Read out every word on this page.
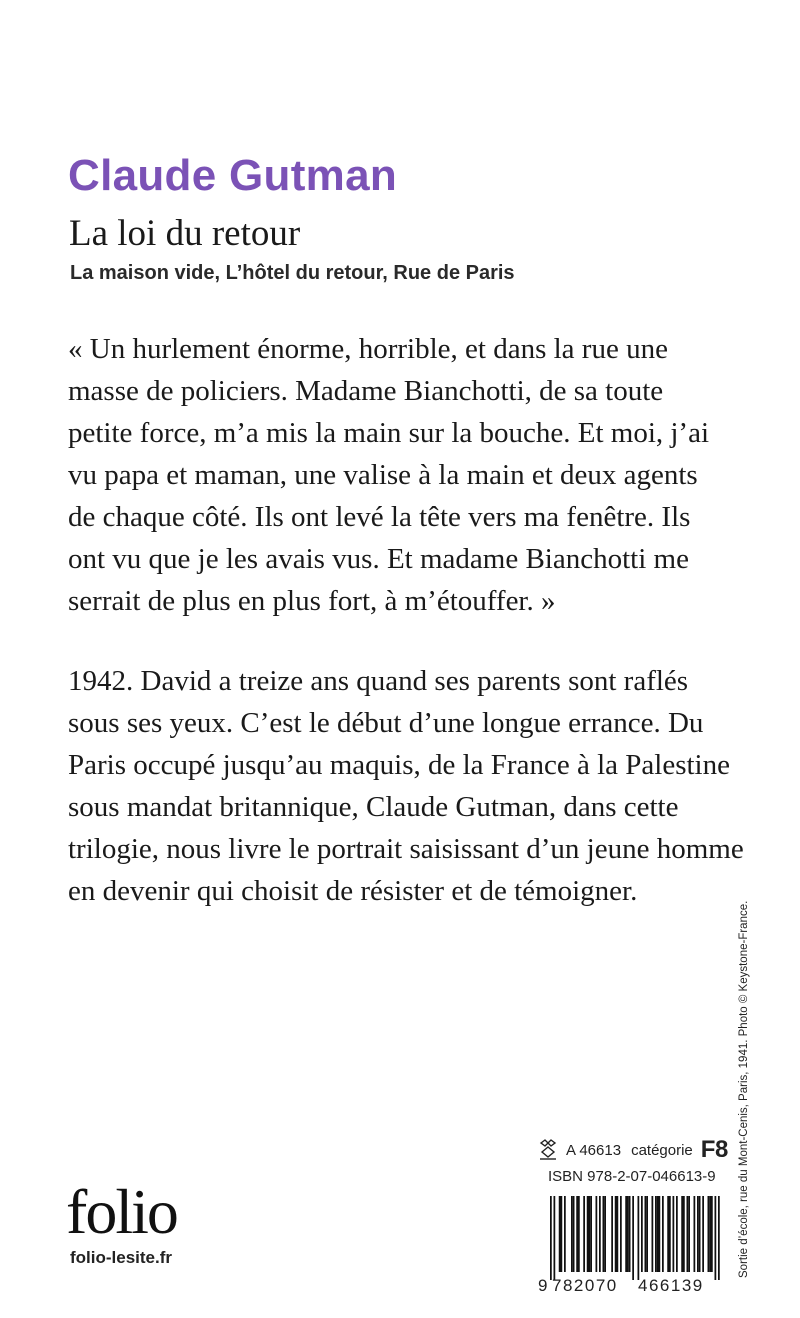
Claude Gutman
La loi du retour
La maison vide, L’hôtel du retour, Rue de Paris
« Un hurlement énorme, horrible, et dans la rue une
masse de policiers. Madame Bianchotti, de sa toute
petite force, m’a mis la main sur la bouche. Et moi, j’ai
vu papa et maman, une valise à la main et deux agents
de chaque côté. Ils ont levé la tête vers ma fenêtre. Ils
ont vu que je les avais vus. Et madame Bianchotti me
serrait de plus en plus fort, à m’étouffer. »
1942. David a treize ans quand ses parents sont raflés
sous ses yeux. C’est le début d’une longue errance. Du
Paris occupé jusqu’au maquis, de la France à la Palestine
sous mandat britannique, Claude Gutman, dans cette
trilogie, nous livre le portrait saisissant d’un jeune homme
en devenir qui choisit de résister et de témoigner.
Sortie d’école, rue du Mont-Cenis, Paris, 1941. Photo © Keystone-France.
A 46613 catégorie F8
ISBN 978-2-07-046613-9
folio
folio-lesite.fr
9 782070 466139
